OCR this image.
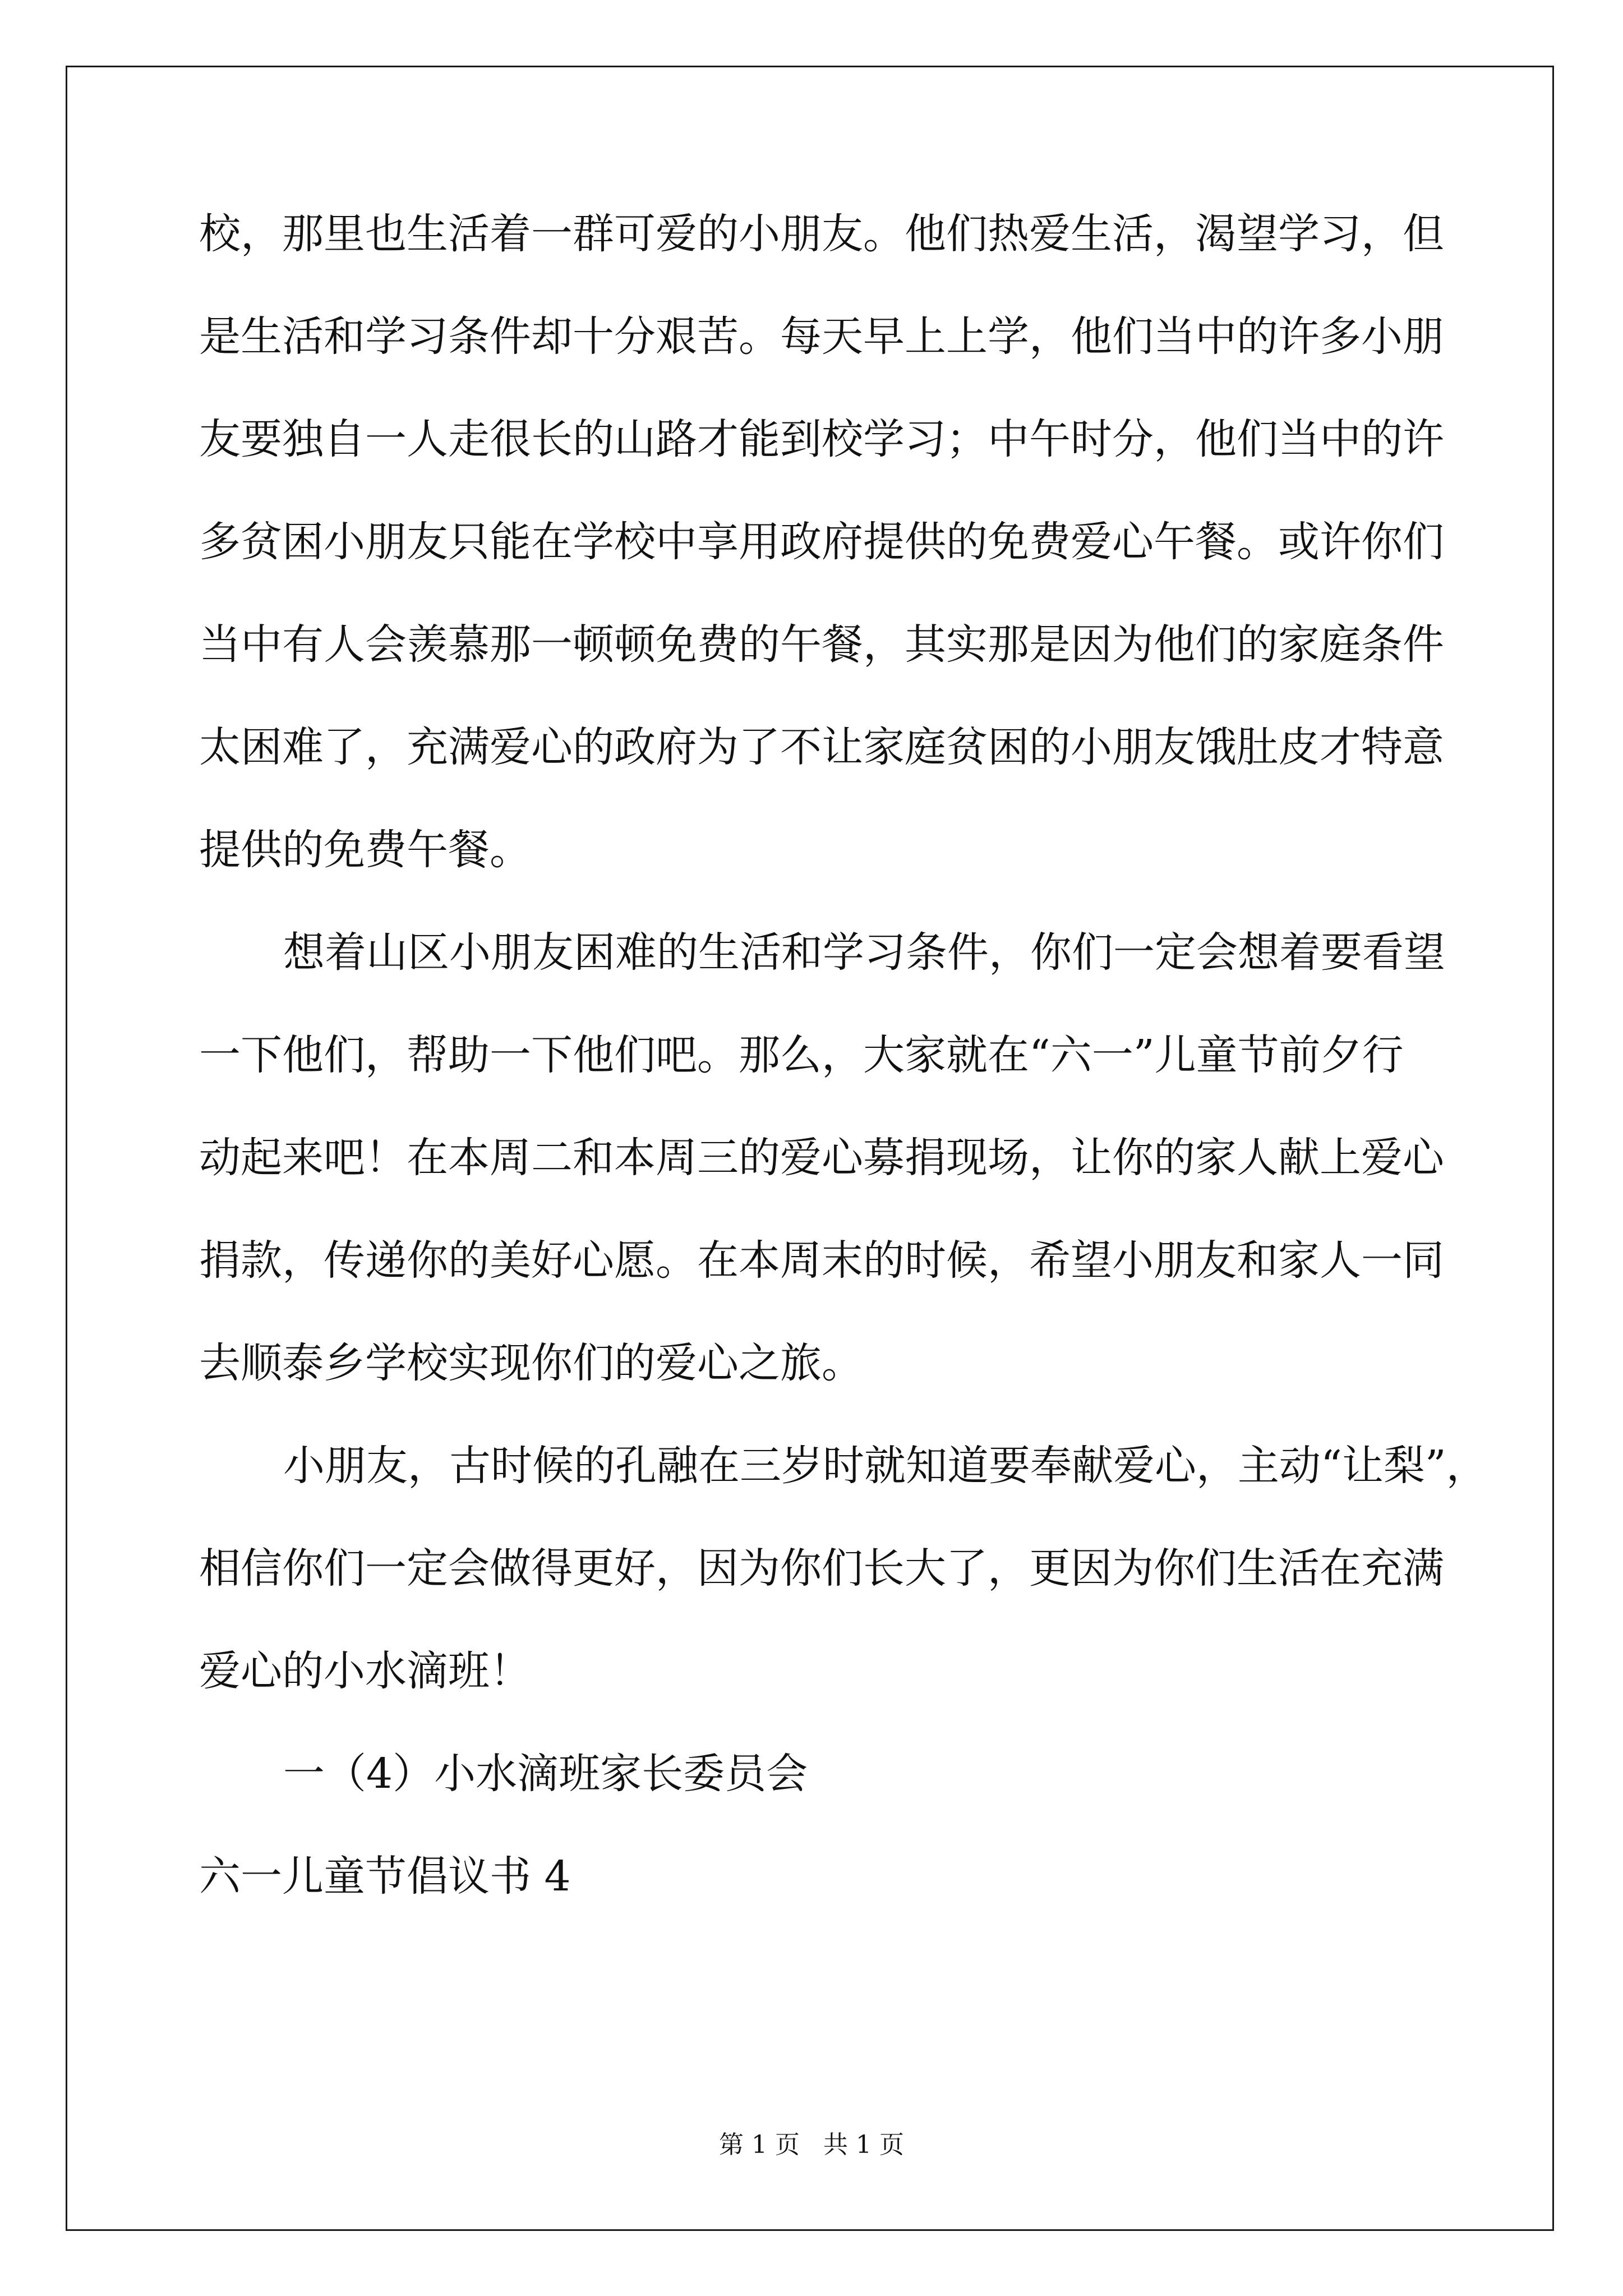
校，那里也生活着一群可爱的小朋友。他们热爱生活，渴望学习，但
是生活和学习条件却十分艰苦。每天早上上学，他们当中的许多小朋
友要独自一人走很长的山路才能到校学习；中午时分，他们当中的许
多贫困小朋友只能在学校中享用政府提供的免费爱心午餐。或许你们
当中有人会羡慕那一顿顿免费的午餐，其实那是因为他们的家庭条件
太困难了，充满爱心的政府为了不让家庭贫困的小朋友饿肚皮才特意
提供的免费午餐。
想着山区小朋友困难的生活和学习条件，你们一定会想着要看望
一下他们，帮助一下他们吧。那么，大家就在“六一”儿童节前夕行
动起来吧！在本周二和本周三的爱心募捐现场，让你的家人献上爱心
捐款，传递你的美好心愿。在本周末的时候，希望小朋友和家人一同
去顺泰乡学校实现你们的爱心之旅。
小朋友，古时候的孔融在三岁时就知道要奉献爱心，主动“让梨”，
相信你们一定会做得更好，因为你们长大了，更因为你们生活在充满
爱心的小水滴班！
一（4）小水滴班家长委员会
六一儿童节倡议书 4
第 1 页 共 1 页
